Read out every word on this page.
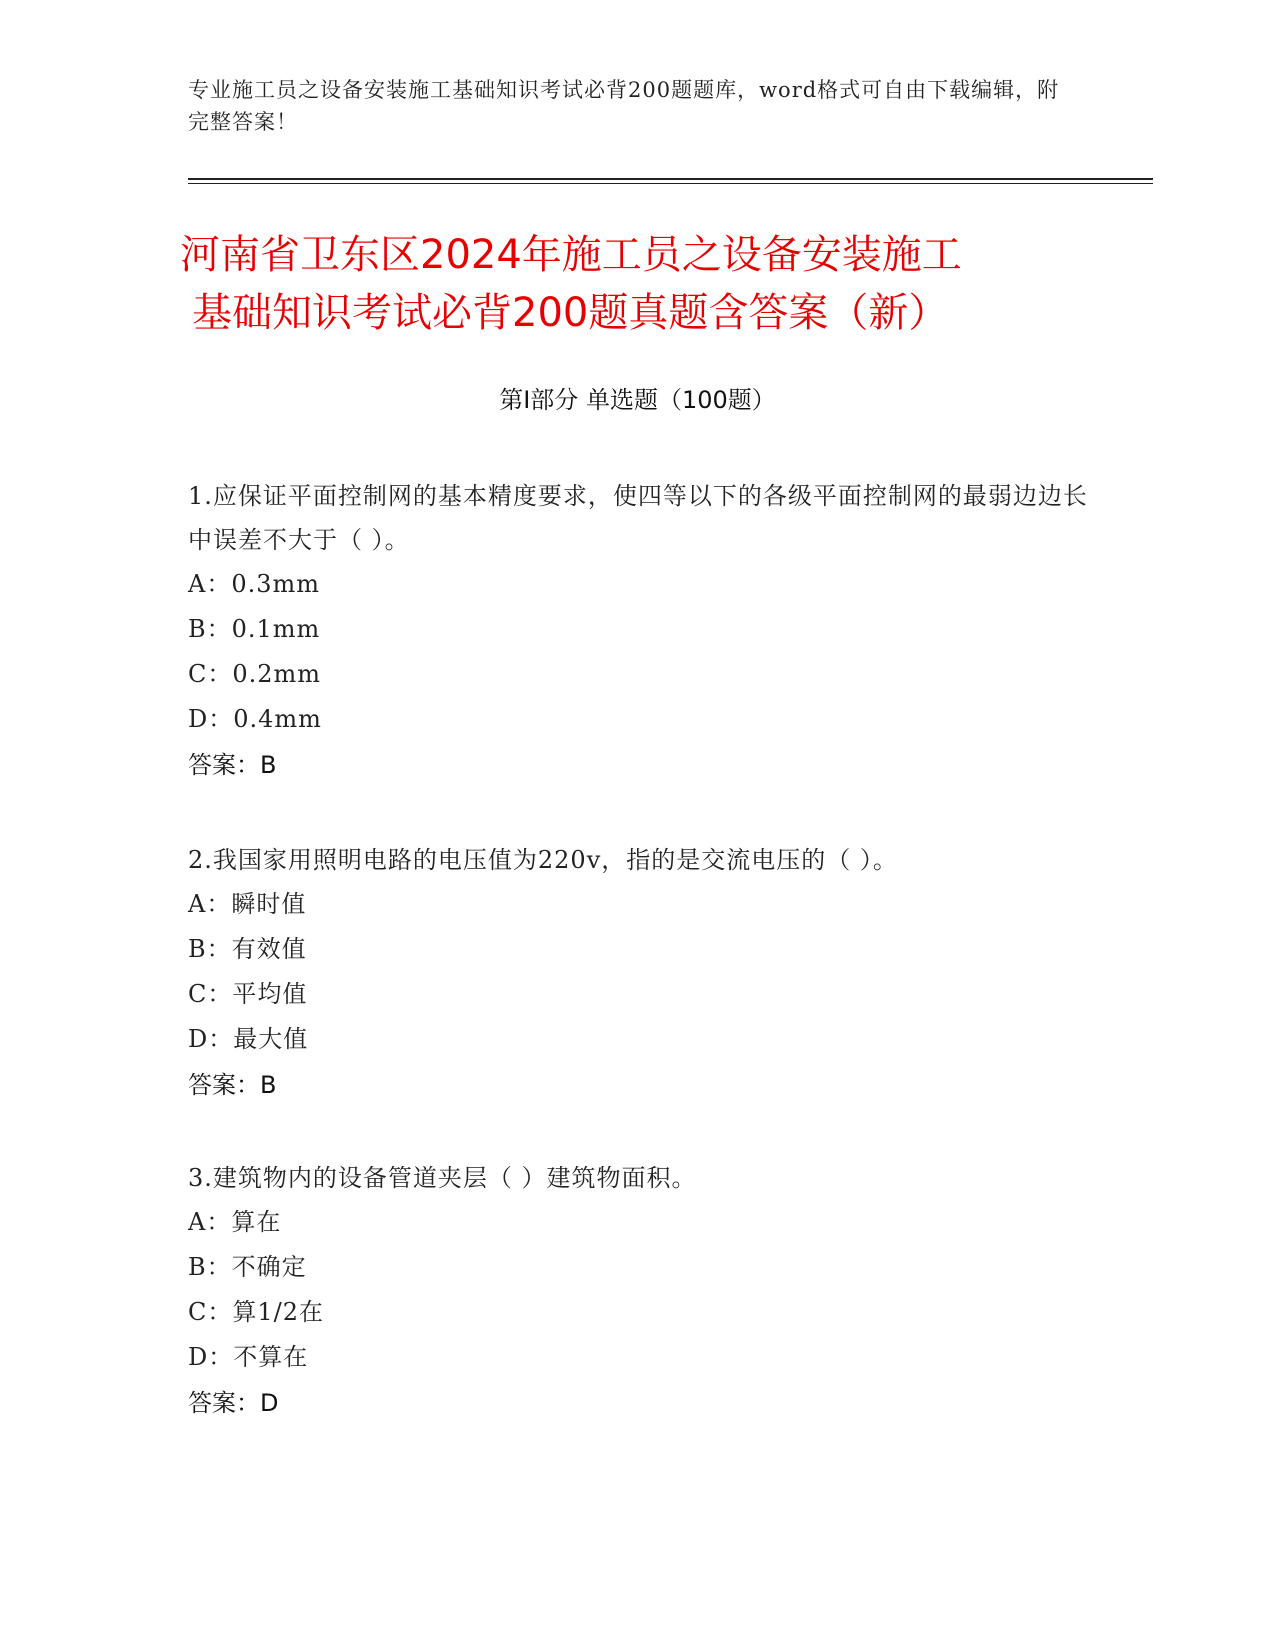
专业施工员之设备安装施工基础知识考试必背200题题库，word格式可自由下载编辑，附完整答案！
河南省卫东区2024年施工员之设备安装施工
基础知识考试必背200题真题含答案（新）
第I部分 单选题（100题）
1.应保证平面控制网的基本精度要求，使四等以下的各级平面控制网的最弱边边长中误差不大于（ ）。
A：0.3mm
B：0.1mm
C：0.2mm
D：0.4mm
答案：B
2.我国家用照明电路的电压值为220v，指的是交流电压的（ ）。
A：瞬时值
B：有效值
C：平均值
D：最大值
答案：B
3.建筑物内的设备管道夹层（ ）建筑物面积。
A：算在
B：不确定
C：算1/2在
D：不算在
答案：D
